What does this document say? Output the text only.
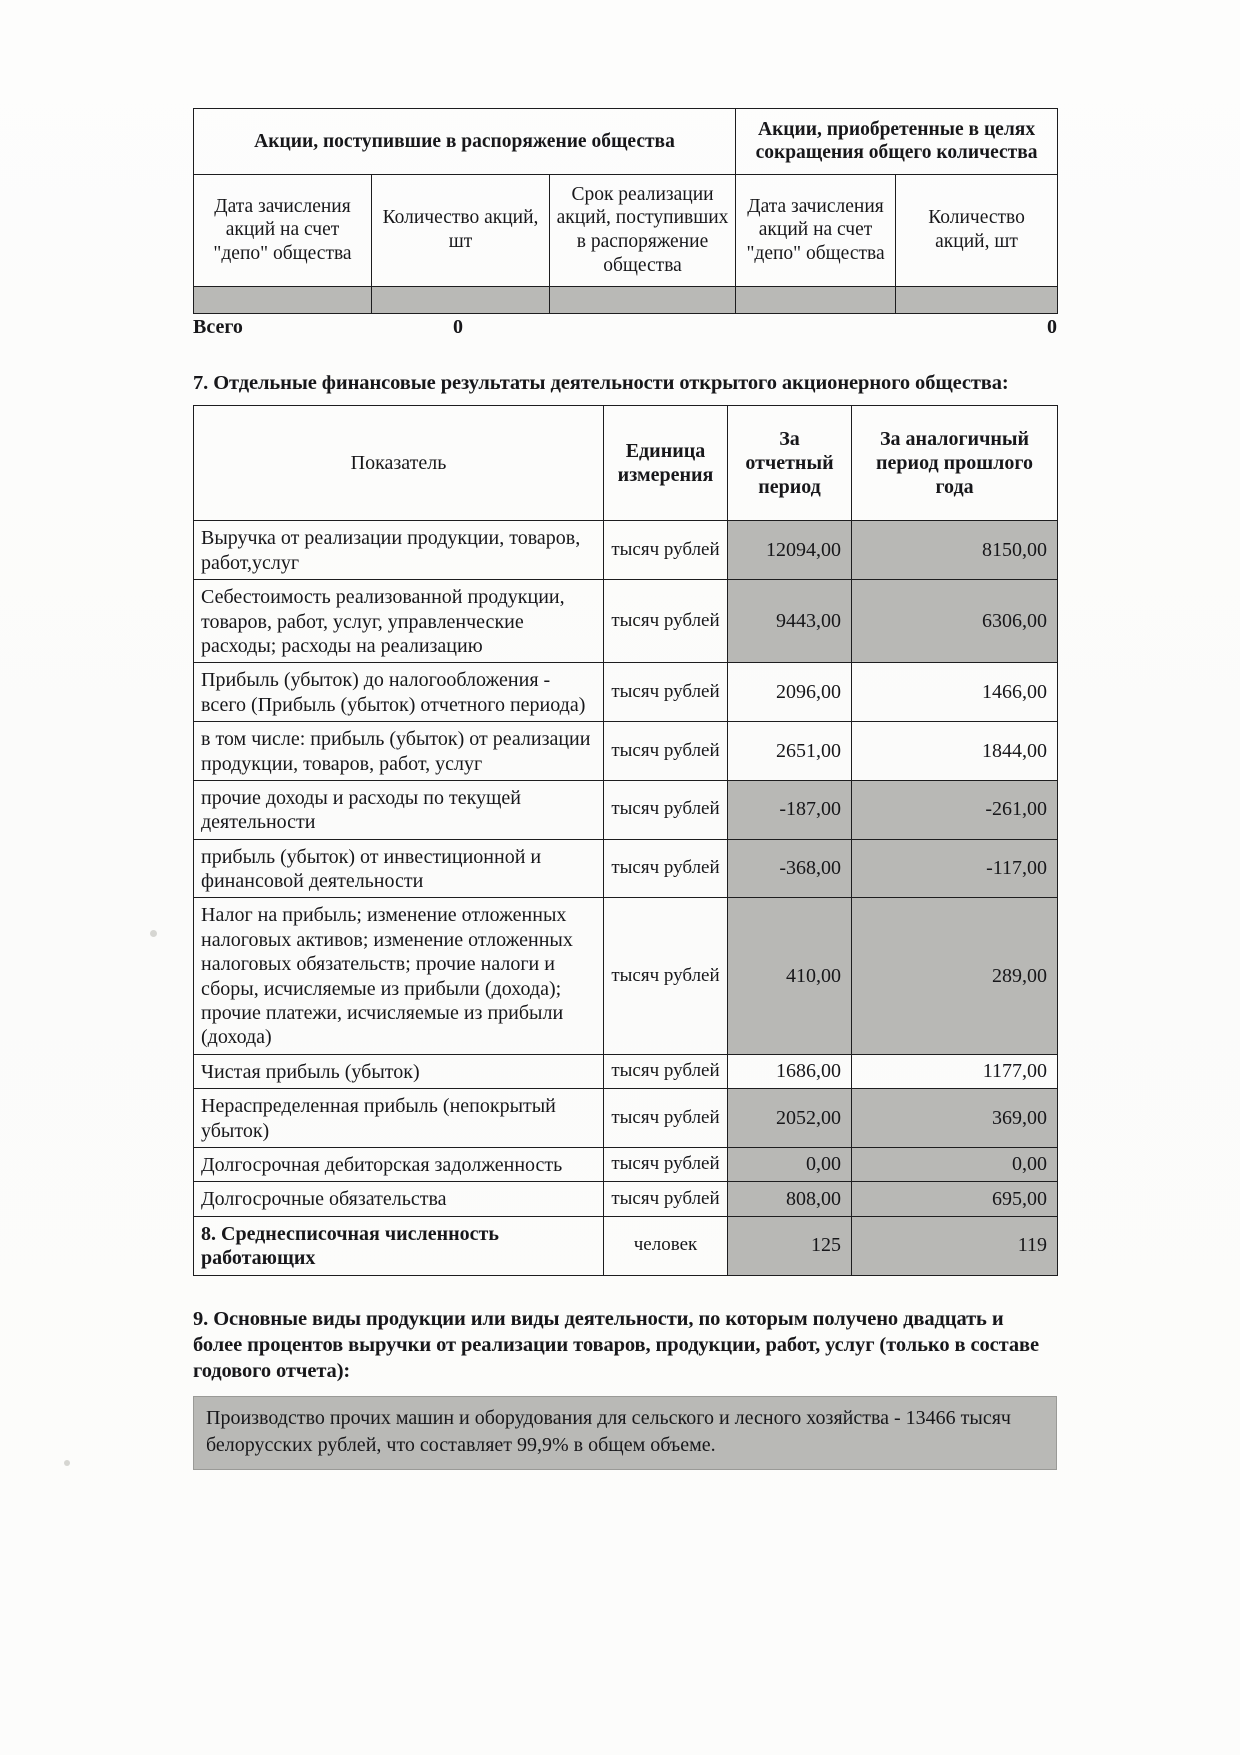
Акции, поступившие в распоряжение общества			Акции, приобретенные в целях сокращения общего количества	
Дата зачисления акций на счет "депо" общества	Количество акций, шт	Срок реализации акций, поступивших в распоряжение общества	Дата зачисления акций на счет "депо" общества	Количество акций, шт

Всего	0	0
7. Отдельные финансовые результаты деятельности открытого акционерного общества:
Показатель	Единица измерения	За отчетный период	За аналогичный период прошлого года
Выручка от реализации продукции, товаров, работ,услуг	тысяч рублей	12094,00	8150,00
Себестоимость реализованной продукции, товаров, работ, услуг, управленческие расходы; расходы на реализацию	тысяч рублей	9443,00	6306,00
Прибыль (убыток) до налогообложения - всего (Прибыль (убыток) отчетного периода)	тысяч рублей	2096,00	1466,00
в том числе: прибыль (убыток) от реализации продукции, товаров, работ, услуг	тысяч рублей	2651,00	1844,00
прочие доходы и расходы по текущей деятельности	тысяч рублей	-187,00	-261,00
прибыль (убыток) от инвестиционной и финансовой деятельности	тысяч рублей	-368,00	-117,00
Налог на прибыль; изменение отложенных налоговых активов; изменение отложенных налоговых обязательств; прочие налоги и сборы, исчисляемые из прибыли (дохода); прочие платежи, исчисляемые из прибыли (дохода)	тысяч рублей	410,00	289,00
Чистая прибыль (убыток)	тысяч рублей	1686,00	1177,00
Нераспределенная прибыль (непокрытый убыток)	тысяч рублей	2052,00	369,00
Долгосрочная дебиторская задолженность	тысяч рублей	0,00	0,00
Долгосрочные обязательства	тысяч рублей	808,00	695,00
8. Среднесписочная численность работающих	человек	125	119
9. Основные виды продукции или виды деятельности, по которым получено двадцать и более процентов выручки от реализации товаров, продукции, работ, услуг (только в составе годового отчета):

Производство прочих машин и оборудования для сельского и лесного хозяйства - 13466 тысяч белорусских рублей, что составляет 99,9% в общем объеме.
